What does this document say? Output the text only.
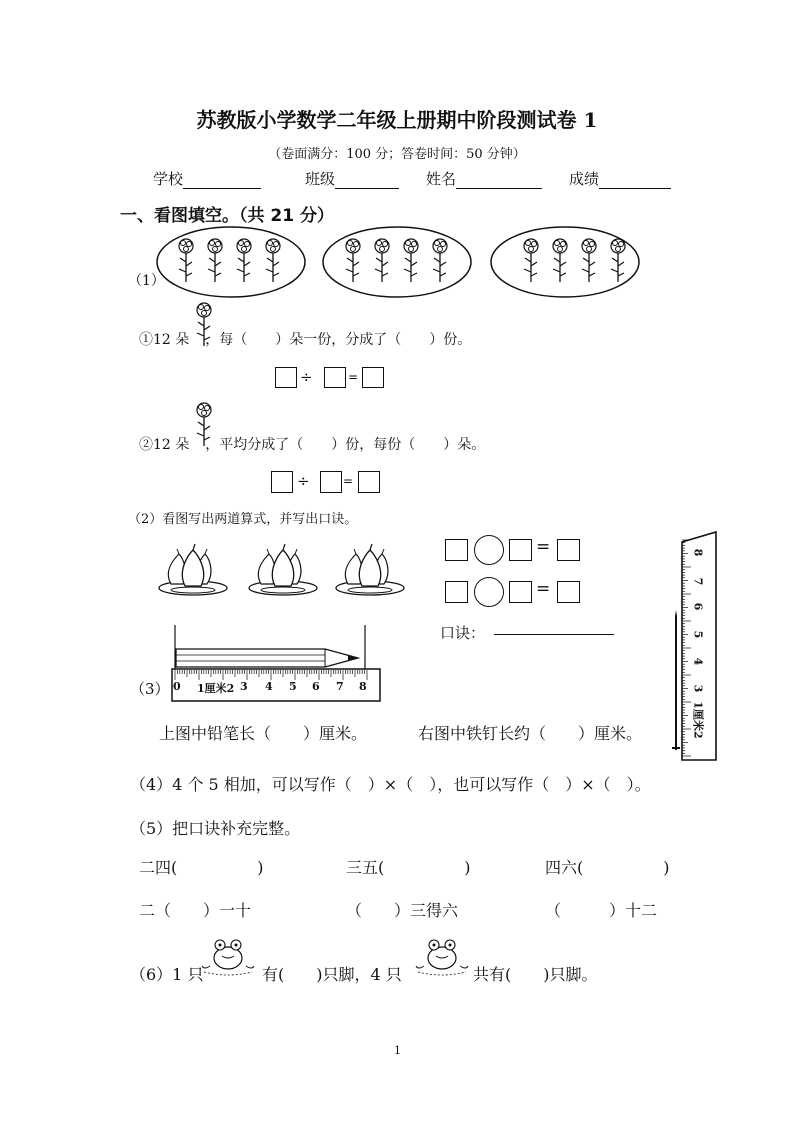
苏教版小学数学二年级上册期中阶段测试卷 1
（卷面满分：100 分；答卷时间：50 分钟）
学校	班级	姓名	成绩
一、看图填空。（共 21 分）
（1）
①12 朵 ，每（　　）朵一份，分成了（　　）份。
÷	=
②12 朵 ，平均分成了（　　）份，每份（　　）朵。
÷	=
（2）看图写出两道算式，并写出口诀。
=
=
口诀：
（3） 0 1厘米2 3 4 5 6 7 8
8
7
6
5
4
3
1厘米2
上图中铅笔长（　　）厘米。	右图中铁钉长约（　　）厘米。
（4）4 个 5 相加，可以写作（　）×（　），也可以写作（　）×（　）。
（5）把口诀补充完整。
二四(　　　　　)	三五(　　　　　)	四六(　　　　　)
二（　　）一十	（　　）三得六	（　　　）十二
（6）1 只	有(　　)只脚，4 只	共有(　　)只脚。
1
